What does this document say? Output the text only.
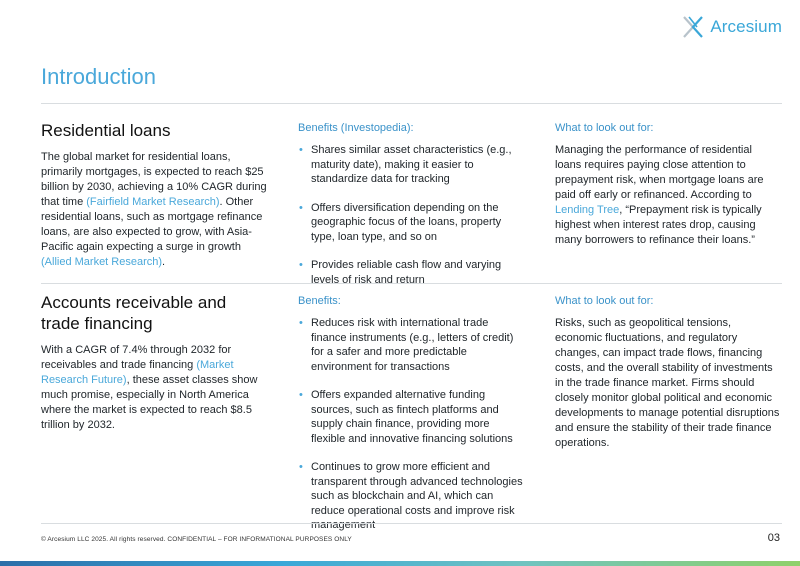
Arcesium
Introduction
Residential loans

The global market for residential loans, primarily mortgages, is expected to reach $25 billion by 2030, achieving a 10% CAGR during that time (Fairfield Market Research). Other residential loans, such as mortgage refinance loans, are also expected to grow, with Asia-Pacific again expecting a surge in growth (Allied Market Research).

Benefits (Investopedia):
• Shares similar asset characteristics (e.g., maturity date), making it easier to standardize data for tracking
• Offers diversification depending on the geographic focus of the loans, property type, loan type, and so on
• Provides reliable cash flow and varying levels of risk and return
What to look out for:

Managing the performance of residential loans requires paying close attention to prepayment risk, when mortgage loans are paid off early or refinanced. According to Lending Tree, “Prepayment risk is typically highest when interest rates drop, causing many borrowers to refinance their loans.”

Accounts receivable and trade financing

With a CAGR of 7.4% through 2032 for receivables and trade financing (Market Research Future), these asset classes show much promise, especially in North America where the market is expected to reach $8.5 trillion by 2032.

Benefits:
• Reduces risk with international trade finance instruments (e.g., letters of credit) for a safer and more predictable environment for transactions
• Offers expanded alternative funding sources, such as fintech platforms and supply chain finance, providing more flexible and innovative financing solutions
• Continues to grow more efficient and transparent through advanced technologies such as blockchain and AI, which can reduce operational costs and improve risk management
What to look out for:

Risks, such as geopolitical tensions, economic fluctuations, and regulatory changes, can impact trade flows, financing costs, and the overall stability of investments in the trade finance market. Firms should closely monitor global political and economic developments to manage potential disruptions and ensure the stability of their trade finance operations.

© Arcesium LLC 2025. All rights reserved. CONFIDENTIAL – FOR INFORMATIONAL PURPOSES ONLY	03
